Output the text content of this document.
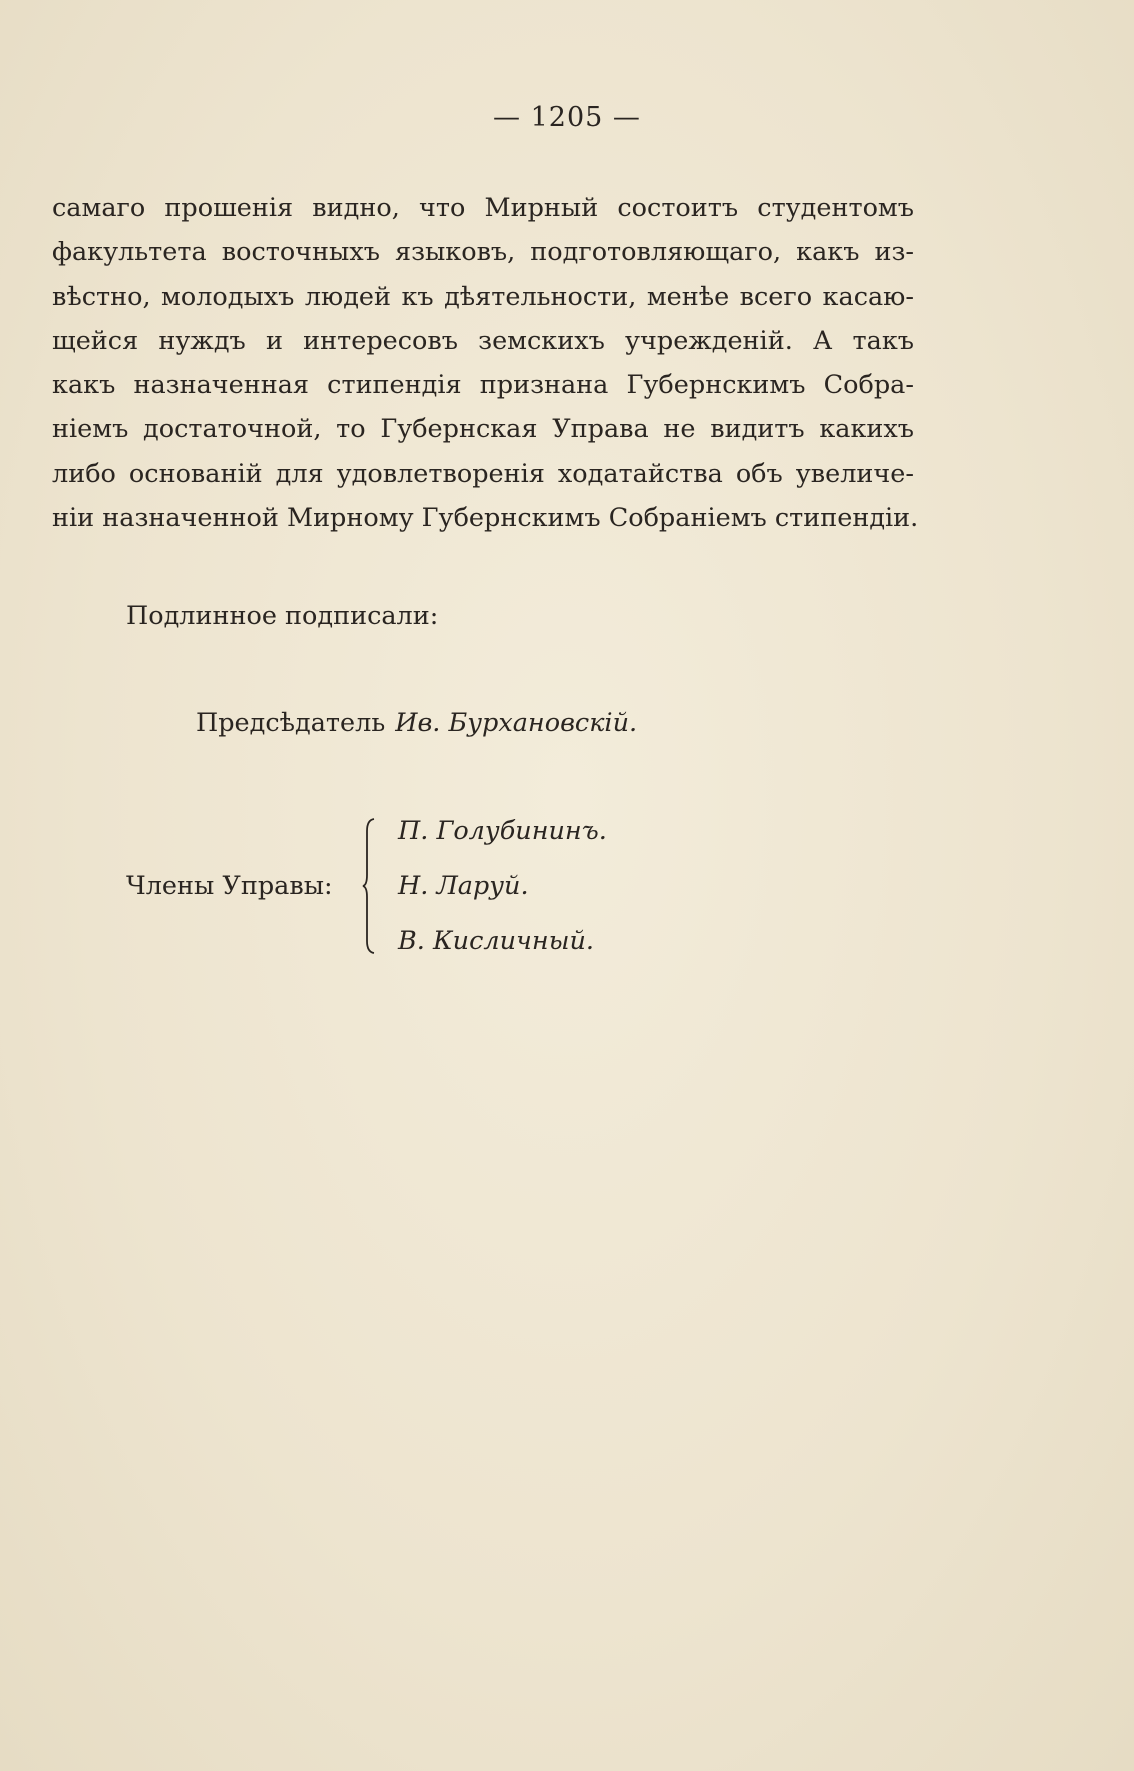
— 1205 —

самаго прошенія видно, что Мирный состоитъ студентомъ
факультета восточныхъ языковъ, подготовляющаго, какъ из-
вѣстно, молодыхъ людей къ дѣятельности, менѣе всего касаю-
щейся нуждъ и интересовъ земскихъ учрежденій. А такъ
какъ назначенная стипендія признана Губернскимъ Собра-
ніемъ достаточной, то Губернская Управа не видитъ какихъ
либо основаній для удовлетворенія ходатайства объ увеличе-
ніи назначенной Мирному Губернскимъ Собраніемъ стипендіи.

Подлинное подписали:
Предсѣдатель Ив. Бурхановскій.
Члены Управы:
П. Голубининъ.
Н. Ларуй.
В. Кисличный.
